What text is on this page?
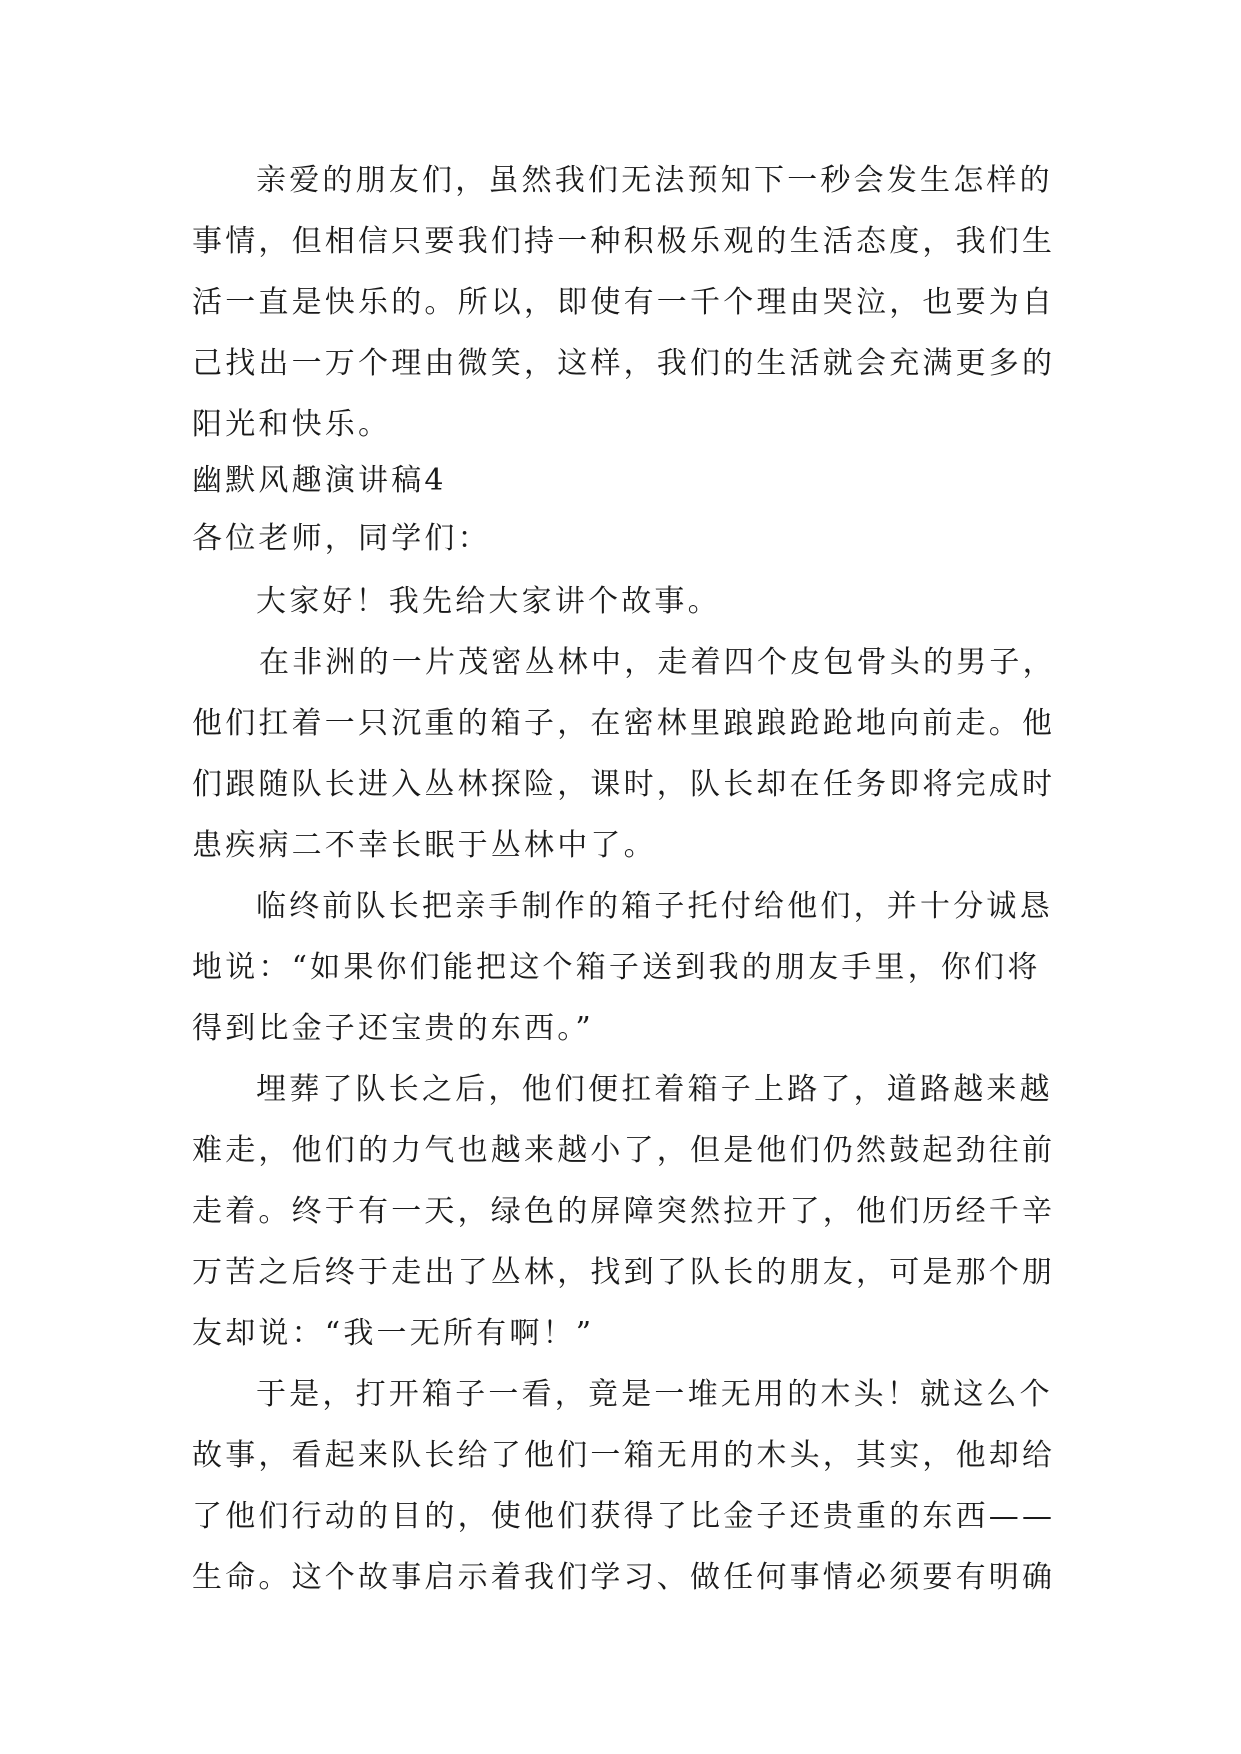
亲爱的朋友们，虽然我们无法预知下一秒会发生怎样的
事情，但相信只要我们持一种积极乐观的生活态度，我们生
活一直是快乐的。所以，即使有一千个理由哭泣，也要为自
己找出一万个理由微笑，这样，我们的生活就会充满更多的
阳光和快乐。
幽默风趣演讲稿4
各位老师，同学们：
大家好！我先给大家讲个故事。
在非洲的一片茂密丛林中，走着四个皮包骨头的男子，
他们扛着一只沉重的箱子，在密林里踉踉跄跄地向前走。他
们跟随队长进入丛林探险，课时，队长却在任务即将完成时
患疾病二不幸长眠于丛林中了。
临终前队长把亲手制作的箱子托付给他们，并十分诚恳
地说：“如果你们能把这个箱子送到我的朋友手里，你们将
得到比金子还宝贵的东西。”
埋葬了队长之后，他们便扛着箱子上路了，道路越来越
难走，他们的力气也越来越小了，但是他们仍然鼓起劲往前
走着。终于有一天，绿色的屏障突然拉开了，他们历经千辛
万苦之后终于走出了丛林，找到了队长的朋友，可是那个朋
友却说：“我一无所有啊！”
于是，打开箱子一看，竟是一堆无用的木头！就这么个
故事，看起来队长给了他们一箱无用的木头，其实，他却给
了他们行动的目的，使他们获得了比金子还贵重的东西——
生命。这个故事启示着我们学习、做任何事情必须要有明确
